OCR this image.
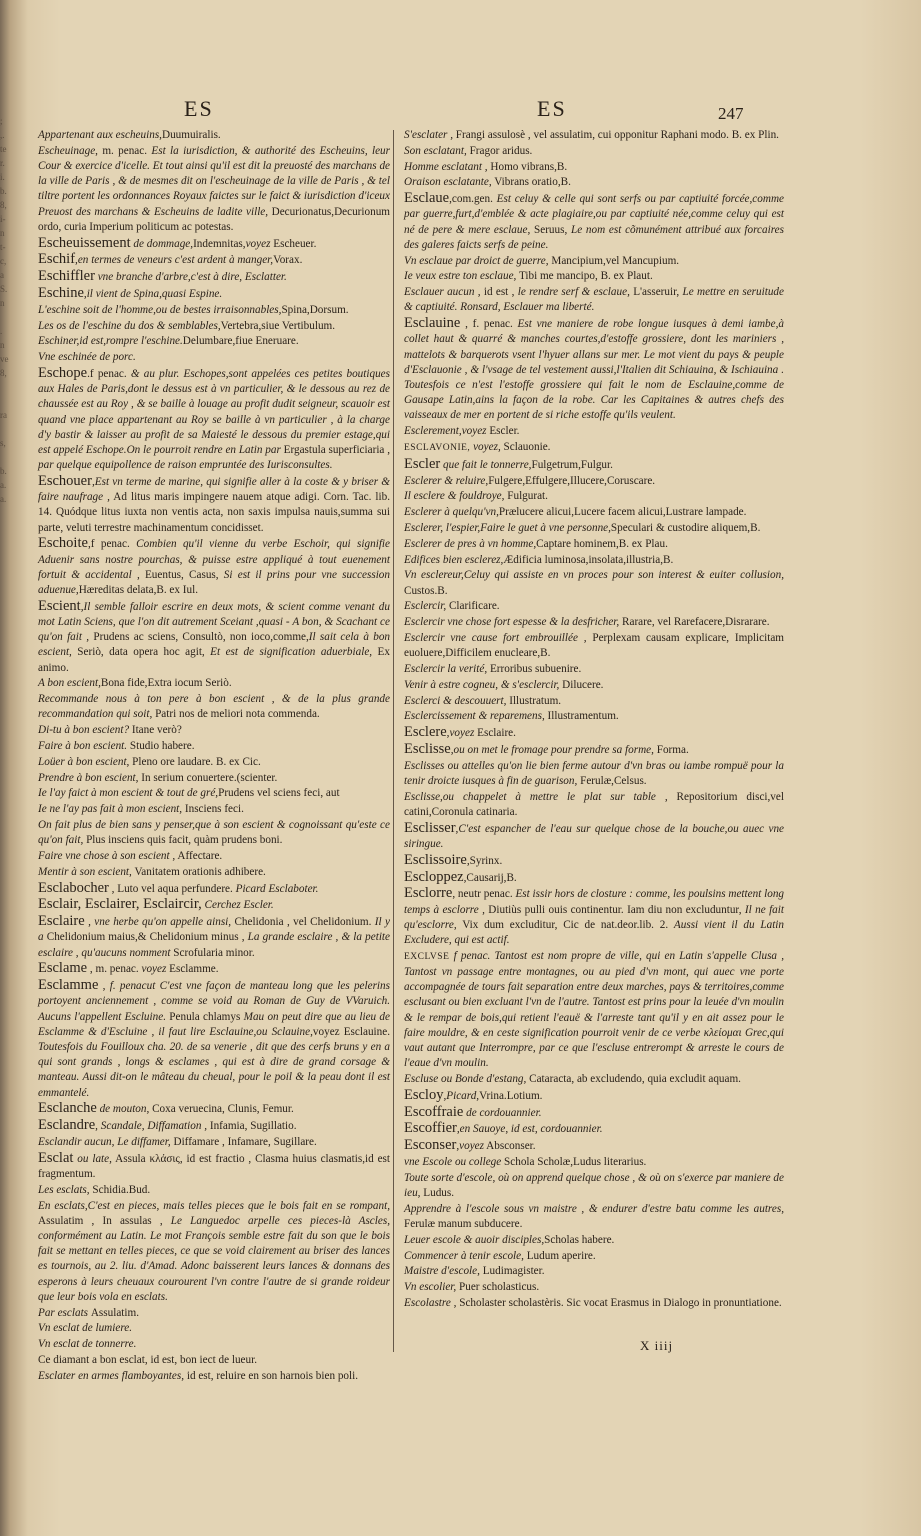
;
,.
te
r.
i.
b.
8,
i-
n
t-
c,
a
S.
n

.
n
ve
8,

ra

s,

b.
a.
a.

ES	ES	247
Appartenant aux escheuins,Duumuiralis.
Escheuinage, m. penac. Est la iurisdiction, & authorité des Escheuins, leur Cour & exercice d'icelle. Et tout ainsi qu'il est dit la preuosté des marchans de la ville de Paris , & de mesmes dit on l'escheuinage de la ville de Paris , & tel tiltre portent les ordonnances Royaux faictes sur le faict & iurisdiction d'iceux Preuost des marchans & Escheuins de ladite ville, Decurionatus,Decurionum ordo, curia Imperium politicum ac potestas.
Escheuissement de dommage,Indemnitas,voyez Escheuer.
Eschif,en termes de veneurs c'est ardent à manger,Vorax.
Eschiffler vne branche d'arbre,c'est à dire, Esclatter.
Eschine,il vient de Spina,quasi Espine.
L'eschine soit de l'homme,ou de bestes irraisonnables,Spina,Dorsum.
Les os de l'eschine du dos & semblables,Vertebra,siue Vertibulum.
Eschiner,id est,rompre l'eschine.Delumbare,fiue Eneruare.
Vne eschinée de porc.
Eschope.f penac. & au plur. Eschopes,sont appelées ces petites boutiques aux Hales de Paris,dont le dessus est à vn particulier, & le dessous au rez de chaussée est au Roy , & se baille à louage au profit dudit seigneur, scauoir est quand vne place appartenant au Roy se baille à vn particulier , à la charge d'y bastir & laisser au profit de sa Maiesté le dessous du premier estage,qui est appelé Eschope.On le pourroit rendre en Latin par Ergastula superficiaria , par quelque equipollence de raison empruntée des Iurisconsultes.
Eschouer,Est vn terme de marine, qui signifie aller à la coste & y briser & faire naufrage , Ad litus maris impingere nauem atque adigi. Corn. Tac. lib. 14. Quódque litus iuxta non ventis acta, non saxis impulsa nauis,summa sui parte, veluti terrestre machinamentum concidisset.
Eschoite,f penac. Combien qu'il vienne du verbe Eschoir, qui signifie Aduenir sans nostre pourchas, & puisse estre appliqué à tout euenement fortuit & accidental , Euentus, Casus, Si est il prins pour vne succession aduenue,Hæreditas delata,B. ex Iul.
Escient,Il semble falloir escrire en deux mots, & scient comme venant du mot Latin Sciens, que l'on dit autrement Sceiant ,quasi - A bon, & Scachant ce qu'on fait , Prudens ac sciens, Consultò, non ioco,comme,Il sait cela à bon escient, Seriò, data opera hoc agit, Et est de signification aduerbiale, Ex animo.
A bon escient,Bona fide,Extra iocum Seriò.
Recommande nous à ton pere à bon escient , & de la plus grande recommandation qui soit, Patri nos de meliori nota commenda.
Di-tu à bon escient? Itane verò?
Faire à bon escient. Studio habere.
Loüer à bon escient, Pleno ore laudare. B. ex Cic.
Prendre à bon escient, In serium conuertere.(scienter.
Ie l'ay faict à mon escient & tout de gré,Prudens vel sciens feci, aut
Ie ne l'ay pas fait à mon escient, Insciens feci.
On fait plus de bien sans y penser,que à son escient & cognoissant qu'este ce qu'on fait, Plus insciens quis facit, quàm prudens boni.
Faire vne chose à son escient , Affectare.
Mentir à son escient, Vanitatem orationis adhibere.
Esclabocher , Luto vel aqua perfundere. Picard Esclaboter.
Esclair, Esclairer, Esclaircir, Cerchez Escler.
Esclaire , vne herbe qu'on appelle ainsi, Chelidonia , vel Chelidonium. Il y a Chelidonium maius,& Chelidonium minus , La grande esclaire , & la petite esclaire , qu'aucuns nomment Scrofularia minor.
Esclame , m. penac. voyez Esclamme.
Esclamme , f. penacut C'est vne façon de manteau long que les pelerins portoyent anciennement , comme se void au Roman de Guy de VVaruich. Aucuns l'appellent Escluine. Penula chlamys Mau on peut dire que au lieu de Esclamme & d'Escluine , il faut lire Esclauine,ou Sclauine,voyez Esclauine. Toutesfois du Fouilloux cha. 20. de sa venerie , dit que des cerfs bruns y en a qui sont grands , longs & esclames , qui est à dire de grand corsage & manteau. Aussi dit-on le mâteau du cheual, pour le poil & la peau dont il est emmantelé.
Esclanche de mouton, Coxa veruecina, Clunis, Femur.
Esclandre, Scandale, Diffamation , Infamia, Sugillatio.
Esclandir aucun, Le diffamer, Diffamare , Infamare, Sugillare.
Esclat ou late, Assula κλάσις, id est fractio , Clasma huius clasmatis,id est fragmentum.
Les esclats, Schidia.Bud.
En esclats,C'est en pieces, mais telles pieces que le bois fait en se rompant, Assulatim , In assulas , Le Languedoc arpelle ces pieces-là Ascles, conformément au Latin. Le mot François semble estre fait du son que le bois fait se mettant en telles pieces, ce que se void clairement au briser des lances es tournois, au 2. liu. d'Amad. Adonc baisserent leurs lances & donnans des esperons à leurs cheuaux courourent l'vn contre l'autre de si grande roideur que leur bois vola en esclats.
Par esclats Assulatim.
Vn esclat de lumiere.
Vn esclat de tonnerre.
Ce diamant a bon esclat, id est, bon iect de lueur.
Esclater en armes flamboyantes, id est, reluire en son harnois bien poli.
S'esclater , Frangi assulosè , vel assulatim, cui opponitur Raphani modo. B. ex Plin.
Son esclatant, Fragor aridus.
Homme esclatant , Homo vibrans,B.
Oraison esclatante, Vibrans oratio,B.
Esclaue,com.gen. Est celuy & celle qui sont serfs ou par captiuité forcée,comme par guerre,furt,d'emblée & acte plagiaire,ou par captiuité née,comme celuy qui est né de pere & mere esclaue, Seruus, Le nom est cõmunément attribué aux forcaires des galeres faicts serfs de peine.
Vn esclaue par droict de guerre, Mancipium,vel Mancupium.
Ie veux estre ton esclaue, Tibi me mancipo, B. ex Plaut.
Esclauer aucun , id est , le rendre serf & esclaue, L'asseruir, Le mettre en seruitude & captiuité. Ronsard, Esclauer ma liberté.
Esclauine , f. penac. Est vne maniere de robe longue iusques à demi iambe,à collet haut & quarré & manches courtes,d'estoffe grossiere, dont les mariniers , mattelots & barquerots vsent l'hyuer allans sur mer. Le mot vient du pays & peuple d'Esclauonie , & l'vsage de tel vestement aussi,l'Italien dit Schiauina, & Ischiauina . Toutesfois ce n'est l'estoffe grossiere qui fait le nom de Esclauine,comme de Gausape Latin,ains la façon de la robe. Car les Capitaines & autres chefs des vaisseaux de mer en portent de si riche estoffe qu'ils veulent.
Esclerement,voyez Escler.
ESCLAVONIE, voyez, Sclauonie.
Escler que fait le tonnerre,Fulgetrum,Fulgur.
Esclerer & reluire,Fulgere,Effulgere,Illucere,Coruscare.
Il esclere & fouldroye, Fulgurat.
Esclerer à quelqu'vn,Prælucere alicui,Lucere facem alicui,Lustrare lampade.
Esclerer, l'espier,Faire le guet à vne personne,Speculari & custodire aliquem,B.
Esclerer de pres à vn homme,Captare hominem,B. ex Plau.
Edifices bien esclerez,Ædificia luminosa,insolata,illustria,B.
Vn esclereur,Celuy qui assiste en vn proces pour son interest & euiter collusion, Custos.B.
Esclercir, Clarificare.
Esclercir vne chose fort espesse & la desfricher, Rarare, vel Rarefacere,Disrarare.
Esclercir vne cause fort embrouillée , Perplexam causam explicare, Implicitam euoluere,Difficilem enucleare,B.
Esclercir la verité, Erroribus subuenire.
Venir à estre cogneu, & s'esclercir, Dilucere.
Esclerci & descouuert, Illustratum.
Esclercissement & reparemens, Illustramentum.
Esclere,voyez Esclaire.
Esclisse,ou on met le fromage pour prendre sa forme, Forma.
Esclisses ou attelles qu'on lie bien ferme autour d'vn bras ou iambe rompuë pour la tenir droicte iusques à fin de guarison, Ferulæ,Celsus.
Esclisse,ou chappelet à mettre le plat sur table , Repositorium disci,vel catini,Coronula catinaria.
Esclisser,C'est espancher de l'eau sur quelque chose de la bouche,ou auec vne siringue.
Esclissoire,Syrinx.
Escloppez,Causarij,B.
Esclorre, neutr penac. Est issir hors de closture : comme, les poulsins mettent long temps à esclorre , Diutiùs pulli ouis continentur. Iam diu non excluduntur, Il ne fait qu'esclorre, Vix dum excluditur, Cic de nat.deor.lib. 2. Aussi vient il du Latin Excludere, qui est actif.
EXCLVSE f penac. Tantost est nom propre de ville, qui en Latin s'appelle Clusa , Tantost vn passage entre montagnes, ou au pied d'vn mont, qui auec vne porte accompagnée de tours fait separation entre deux marches, pays & territoires,comme esclusant ou bien excluant l'vn de l'autre. Tantost est prins pour la leuée d'vn moulin & le rempar de bois,qui retient l'eauë & l'arreste tant qu'il y en ait assez pour le faire mouldre, & en ceste signification pourroit venir de ce verbe κλείομαι Grec,qui vaut autant que Interrompre, par ce que l'escluse entrerompt & arreste le cours de l'eaue d'vn moulin.
Escluse ou Bonde d'estang, Cataracta, ab excludendo, quia excludit aquam.
Escloy,Picard,Vrina.Lotium.
Escoffraie de cordouannier.
Escoffier,en Sauoye, id est, cordouannier.
Esconser,voyez Absconser.
vne Escole ou college Schola Scholæ,Ludus literarius.
Toute sorte d'escole, où on apprend quelque chose , & où on s'exerce par maniere de ieu, Ludus.
Apprendre à l'escole sous vn maistre , & endurer d'estre batu comme les autres, Ferulæ manum subducere.
Leuer escole & auoir disciples,Scholas habere.
Commencer à tenir escole, Ludum aperire.
Maistre d'escole, Ludimagister.
Vn escolier, Puer scholasticus.
Escolastre , Scholaster scholastèris. Sic vocat Erasmus in Dialogo in pronuntiatione.
X iiij
